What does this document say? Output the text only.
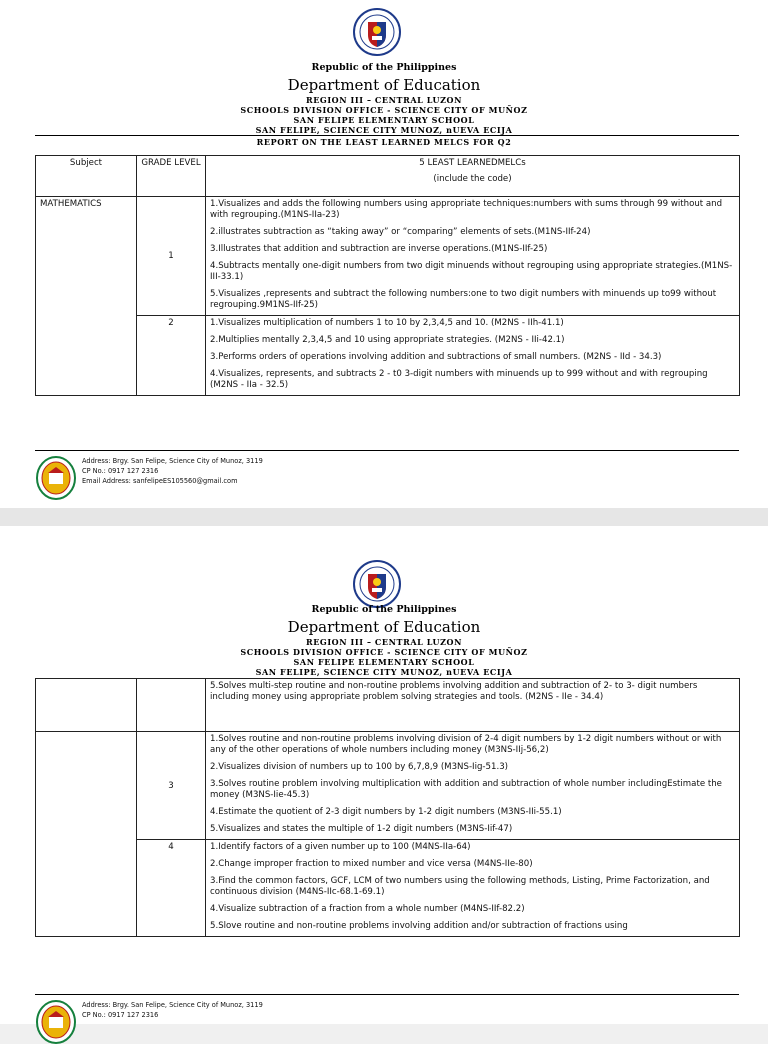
Republic of the Philippines
Department of Education
REGION III – CENTRAL LUZON
SCHOOLS DIVISION OFFICE - SCIENCE CITY OF MUÑOZ
SAN FELIPE ELEMENTARY SCHOOL
SAN FELIPE, SCIENCE CITY MUNOZ, nUEVA ECIJA
REPORT ON THE LEAST LEARNED MELCS FOR Q2
Subject	GRADE LEVEL	5 LEAST LEARNEDMELCs
(include the code)

MATHEMATICS	1	1.Visualizes and adds the following numbers using appropriate techniques:numbers with sums through 99 without and with regrouping.(M1NS-IIa-23)
2.illustrates subtraction as “taking away” or “comparing” elements of sets.(M1NS-IIf-24)
3.Illustrates that addition and subtraction are inverse operations.(M1NS-IIf-25)
4.Subtracts mentally one-digit numbers from two digit minuends without regrouping using appropriate strategies.(M1NS-III-33.1)
5.Visualizes ,represents and subtract the following numbers:one to two digit numbers with minuends up to99 without regrouping.9M1NS-IIf-25)

	2	1.Visualizes multiplication of numbers 1 to 10 by 2,3,4,5 and 10. (M2NS - IIh-41.1)
2.Multiplies mentally 2,3,4,5 and 10 using appropriate strategies. (M2NS - IIi-42.1)
3.Performs orders of operations involving addition and subtractions of small numbers. (M2NS - IId - 34.3)
4.Visualizes, represents, and subtracts 2 - t0 3-digit numbers with minuends up to 999 without and with regrouping (M2NS - IIa - 32.5)
Address: Brgy. San Felipe, Science City of Munoz, 3119
CP No.: 0917 127 2316
Email Address: sanfelipeES105560@gmail.com
Republic of the Philippines
Department of Education
REGION III – CENTRAL LUZON
SCHOOLS DIVISION OFFICE - SCIENCE CITY OF MUÑOZ
SAN FELIPE ELEMENTARY SCHOOL
SAN FELIPE, SCIENCE CITY MUNOZ, nUEVA ECIJA

		5.Solves multi-step routine and non-routine problems involving addition and subtraction of 2- to 3- digit numbers including money using appropriate problem solving strategies and tools. (M2NS - IIe - 34.4)

	3	1.Solves routine and non-routine problems involving division of 2-4 digit numbers by 1-2 digit numbers without or with any of the other operations of whole numbers including money (M3NS-IIj-56,2)
2.Visualizes division of numbers up to 100 by 6,7,8,9 (M3NS-Iig-51.3)
3.Solves routine problem involving multiplication with addition and subtraction of whole number includingEstimate the money (M3NS-Iie-45.3)
4.Estimate the quotient of 2-3 digit numbers by 1-2 digit numbers (M3NS-IIi-55.1)
5.Visualizes and states the multiple of 1-2 digit numbers (M3NS-Iif-47)

	4	1.Identify factors of a given number up to 100 (M4NS-IIa-64)
2.Change improper fraction to mixed number and vice versa (M4NS-IIe-80)
3.Find the common factors, GCF, LCM of two numbers using the following methods, Listing, Prime Factorization, and continuous division (M4NS-IIc-68.1-69.1)
4.Visualize subtraction of a fraction from a whole number (M4NS-IIf-82.2)
5.Slove routine and non-routine problems involving addition and/or subtraction of fractions using
Address: Brgy. San Felipe, Science City of Munoz, 3119
CP No.: 0917 127 2316
